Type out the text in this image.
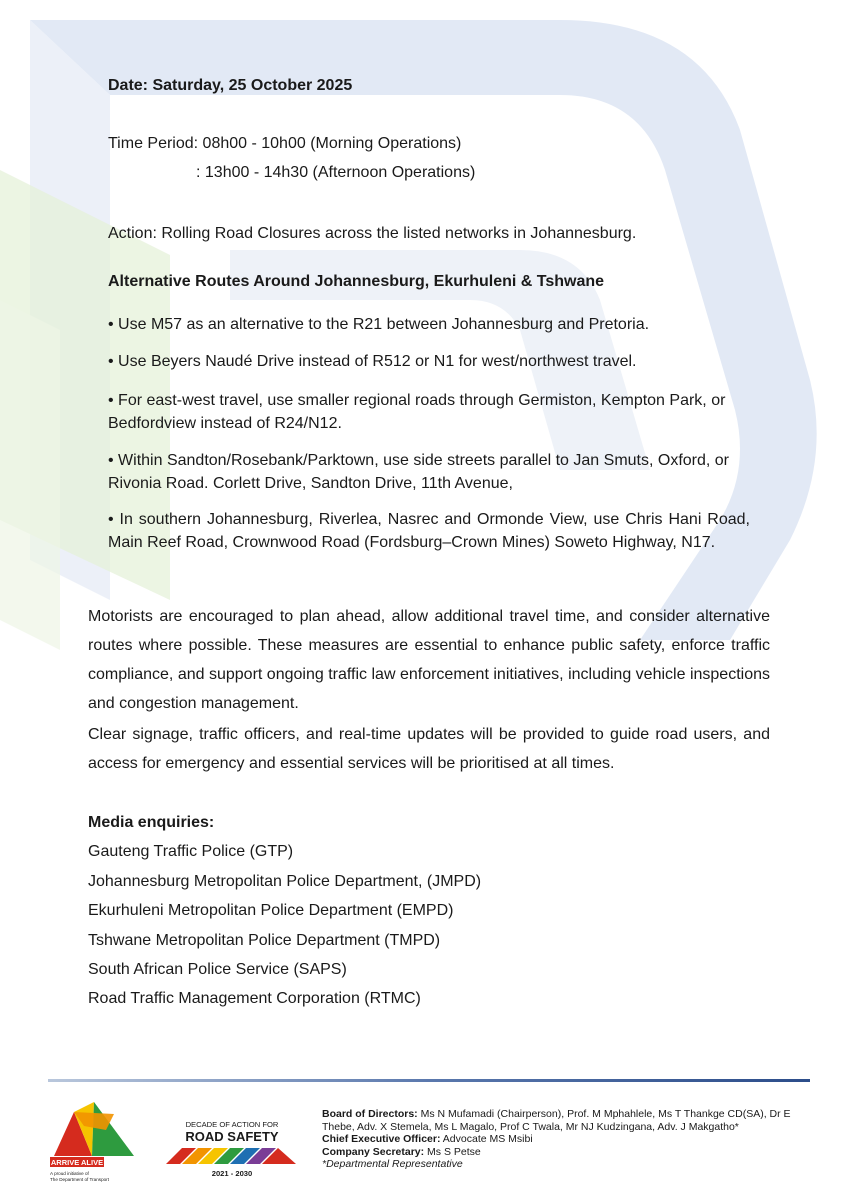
Date: Saturday, 25 October 2025
Time Period: 08h00 - 10h00 (Morning Operations)
: 13h00 - 14h30 (Afternoon Operations)
Action: Rolling Road Closures across the listed networks in Johannesburg.
Alternative Routes Around Johannesburg, Ekurhuleni & Tshwane
• Use M57 as an alternative to the R21 between Johannesburg and Pretoria.
• Use Beyers Naudé Drive instead of R512 or N1 for west/northwest travel.
• For east-west travel, use smaller regional roads through Germiston, Kempton Park, or Bedfordview instead of R24/N12.
• Within Sandton/Rosebank/Parktown, use side streets parallel to Jan Smuts, Oxford, or Rivonia Road. Corlett Drive, Sandton Drive, 11th Avenue,
• In southern Johannesburg, Riverlea, Nasrec and Ormonde View, use Chris Hani Road, Main Reef Road, Crownwood Road (Fordsburg–Crown Mines) Soweto Highway, N17.
Motorists are encouraged to plan ahead, allow additional travel time, and consider alternative routes where possible. These measures are essential to enhance public safety, enforce traffic compliance, and support ongoing traffic law enforcement initiatives, including vehicle inspections and congestion management.
Clear signage, traffic officers, and real-time updates will be provided to guide road users, and access for emergency and essential services will be prioritised at all times.
Media enquiries:
Gauteng Traffic Police (GTP)
Johannesburg Metropolitan Police Department, (JMPD)
Ekurhuleni Metropolitan Police Department (EMPD)
Tshwane Metropolitan Police Department (TMPD)
South African Police Service (SAPS)
Road Traffic Management Corporation (RTMC)
ARRIVE ALIVE
A proud initiative of
The Department of Transport
DECADE OF ACTION FOR
ROAD SAFETY
2021 - 2030
Board of Directors: Ms N Mufamadi (Chairperson), Prof. M Mphahlele, Ms T Thankge CD(SA), Dr E Thebe, Adv. X Stemela, Ms L Magalo, Prof C Twala, Mr NJ Kudzingana, Adv. J Makgatho*
Chief Executive Officer: Advocate MS Msibi
Company Secretary: Ms S Petse
*Departmental Representative
